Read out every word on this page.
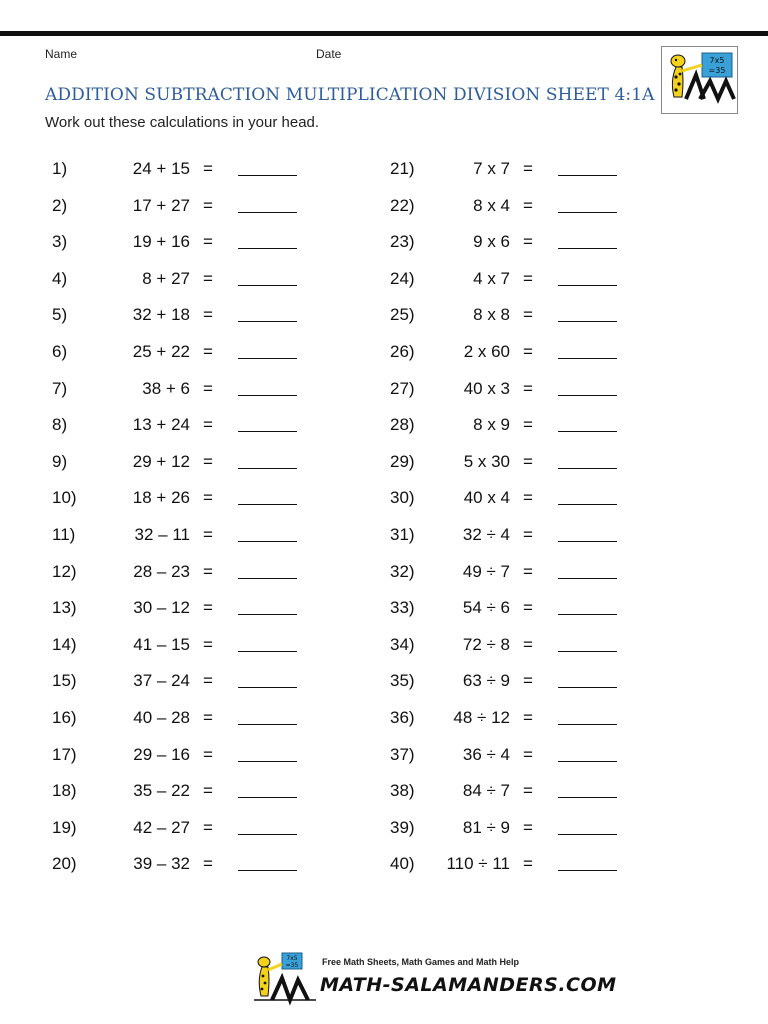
Name	Date
ADDITION SUBTRACTION MULTIPLICATION DIVISION SHEET 4:1A
Work out these calculations in your head.
7x5
=35
1)	24 + 15 =
2)	17 + 27 =
3)	19 + 16 =
4)	8 + 27 =
5)	32 + 18 =
6)	25 + 22 =
7)	38 + 6 =
8)	13 + 24 =
9)	29 + 12 =
10)	18 + 26 =
11)	32 – 11 =
12)	28 – 23 =
13)	30 – 12 =
14)	41 – 15 =
15)	37 – 24 =
16)	40 – 28 =
17)	29 – 16 =
18)	35 – 22 =
19)	42 – 27 =
20)	39 – 32 =
21)	7 x 7 =
22)	8 x 4 =
23)	9 x 6 =
24)	4 x 7 =
25)	8 x 8 =
26)	2 x 60 =
27)	40 x 3 =
28)	8 x 9 =
29)	5 x 30 =
30)	40 x 4 =
31)	32 ÷ 4 =
32)	49 ÷ 7 =
33)	54 ÷ 6 =
34)	72 ÷ 8 =
35)	63 ÷ 9 =
36)	48 ÷ 12 =
37)	36 ÷ 4 =
38)	84 ÷ 7 =
39)	81 ÷ 9 =
40)	110 ÷ 11 =
7x5
=35	Free Math Sheets, Math Games and Math Help
MATH-SALAMANDERS.COM
